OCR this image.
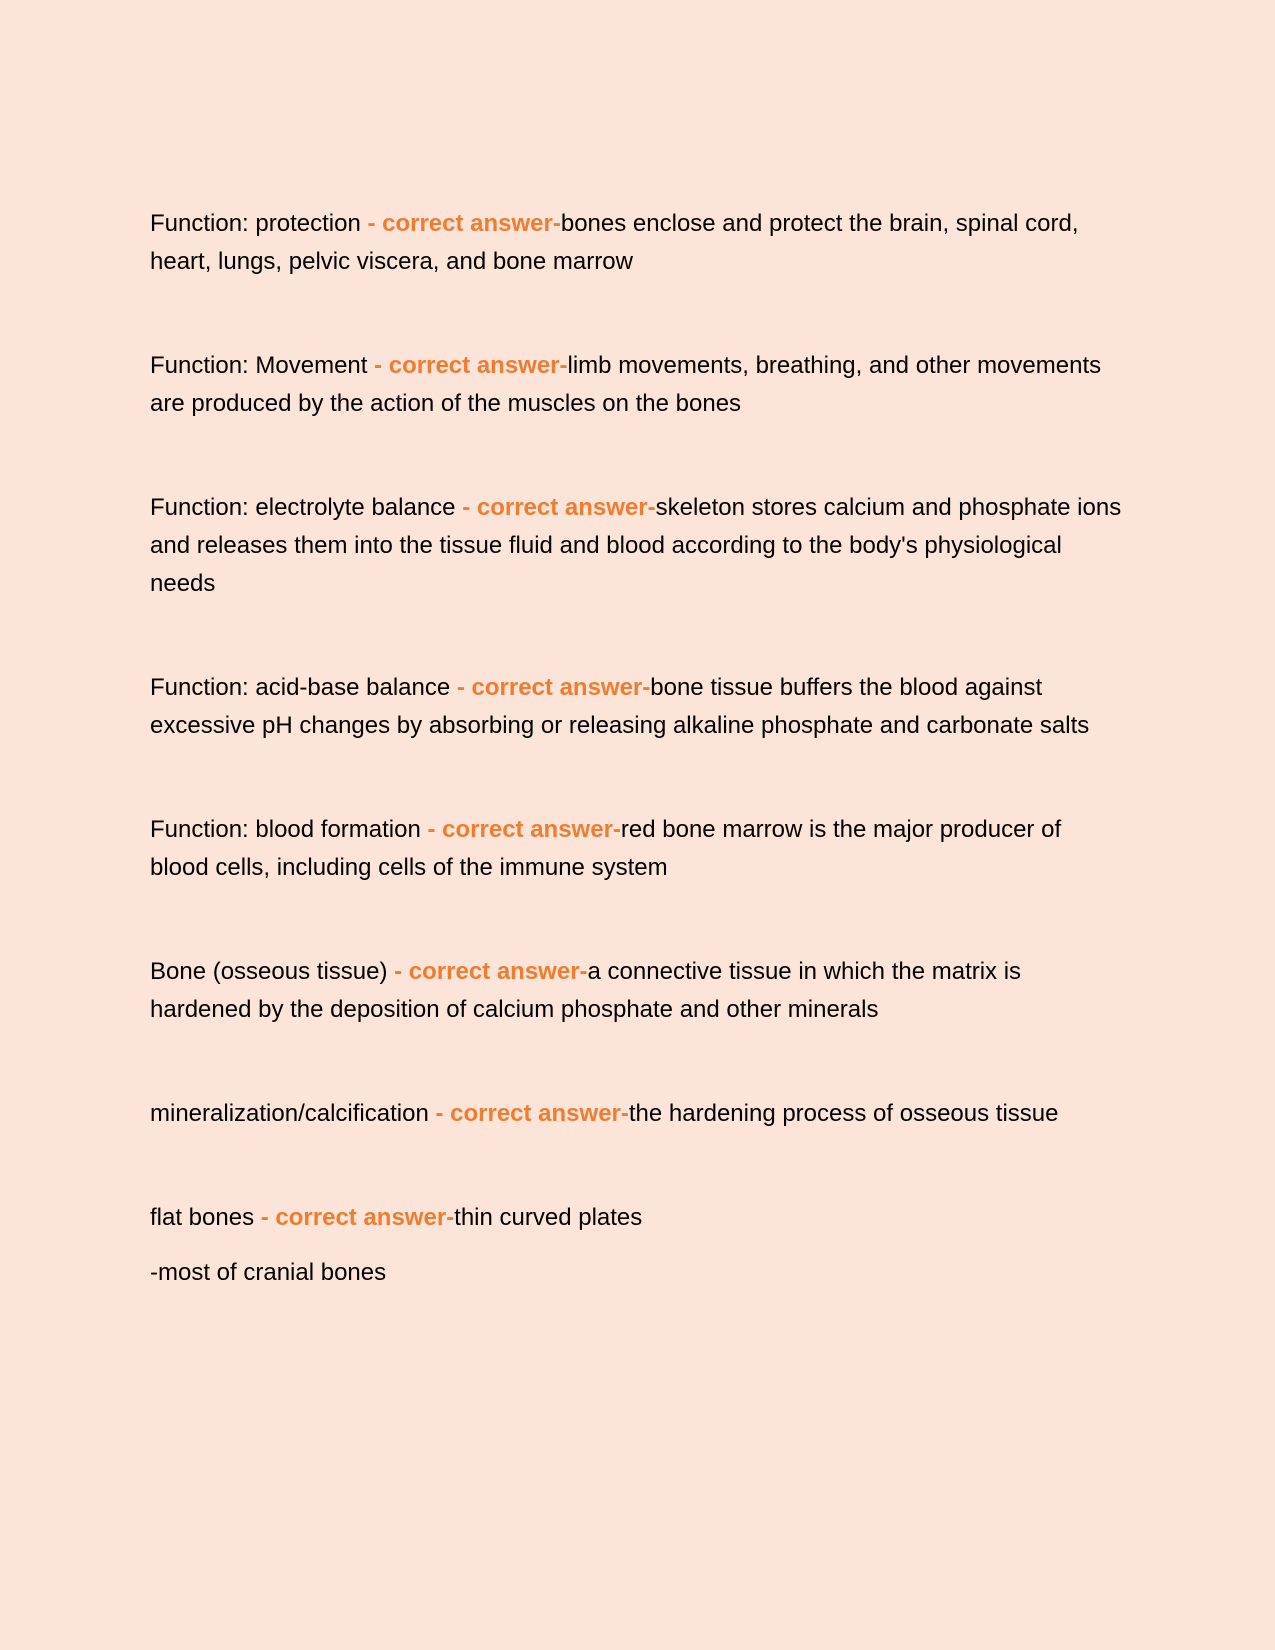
Function: protection - correct answer-bones enclose and protect the brain, spinal cord, heart, lungs, pelvic viscera, and bone marrow

Function: Movement - correct answer-limb movements, breathing, and other movements are produced by the action of the muscles on the bones

Function: electrolyte balance - correct answer-skeleton stores calcium and phosphate ions and releases them into the tissue fluid and blood according to the body's physiological needs

Function: acid-base balance - correct answer-bone tissue buffers the blood against excessive pH changes by absorbing or releasing alkaline phosphate and carbonate salts

Function: blood formation - correct answer-red bone marrow is the major producer of blood cells, including cells of the immune system

Bone (osseous tissue) - correct answer-a connective tissue in which the matrix is hardened by the deposition of calcium phosphate and other minerals

mineralization/calcification - correct answer-the hardening process of osseous tissue

flat bones - correct answer-thin curved plates

-most of cranial bones
